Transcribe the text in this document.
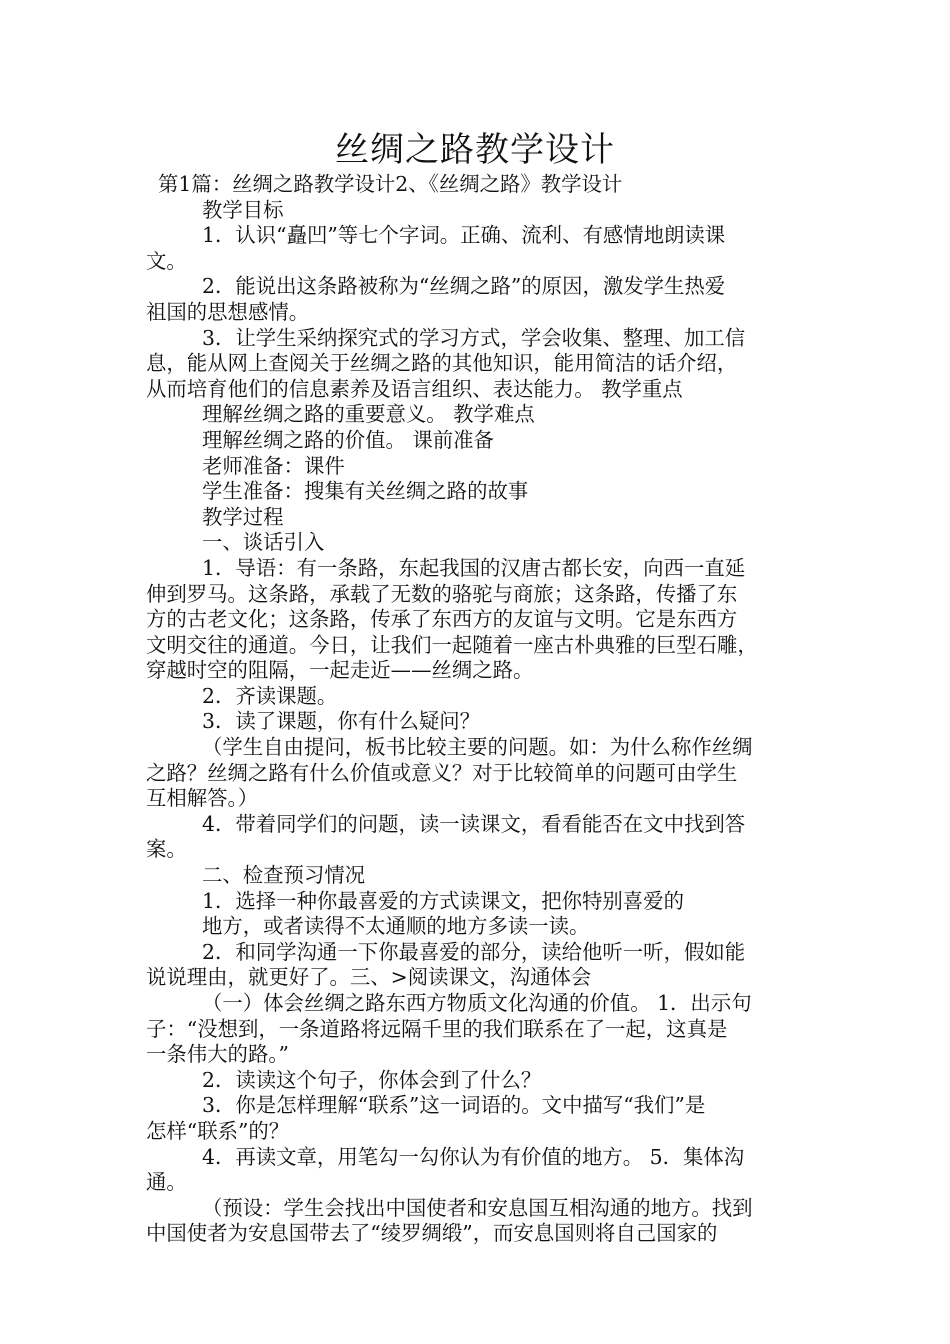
丝绸之路教学设计
第1篇：丝绸之路教学设计2、《丝绸之路》教学设计
教学目标
1．认识“矗凹”等七个字词。正确、流利、有感情地朗读课
文。
2．能说出这条路被称为“丝绸之路”的原因，激发学生热爱
祖国的思想感情。
3．让学生采纳探究式的学习方式，学会收集、整理、加工信
息，能从网上查阅关于丝绸之路的其他知识，能用简洁的话介绍，
从而培育他们的信息素养及语言组织、表达能力。 教学重点
理解丝绸之路的重要意义。 教学难点
理解丝绸之路的价值。 课前准备
老师准备：课件
学生准备：搜集有关丝绸之路的故事
教学过程
一、谈话引入
1．导语：有一条路，东起我国的汉唐古都长安，向西一直延
伸到罗马。这条路，承载了无数的骆驼与商旅；这条路，传播了东
方的古老文化；这条路，传承了东西方的友谊与文明。它是东西方
文明交往的通道。今日，让我们一起随着一座古朴典雅的巨型石雕，
穿越时空的阻隔，一起走近——丝绸之路。
2．齐读课题。
3．读了课题，你有什么疑问？
（学生自由提问，板书比较主要的问题。如：为什么称作丝绸
之路？丝绸之路有什么价值或意义？对于比较简单的问题可由学生
互相解答。）
4．带着同学们的问题，读一读课文，看看能否在文中找到答
案。
二、检查预习情况
1．选择一种你最喜爱的方式读课文，把你特别喜爱的
地方，或者读得不太通顺的地方多读一读。
2．和同学沟通一下你最喜爱的部分，读给他听一听，假如能
说说理由，就更好了。三、>阅读课文，沟通体会
（一）体会丝绸之路东西方物质文化沟通的价值。 1．出示句
子：“没想到，一条道路将远隔千里的我们联系在了一起，这真是
一条伟大的路。”
2．读读这个句子，你体会到了什么？
3．你是怎样理解“联系”这一词语的。文中描写“我们”是
怎样“联系”的？
4．再读文章，用笔勾一勾你认为有价值的地方。 5．集体沟
通。
（预设：学生会找出中国使者和安息国互相沟通的地方。找到
中国使者为安息国带去了“绫罗绸缎”，而安息国则将自己国家的
